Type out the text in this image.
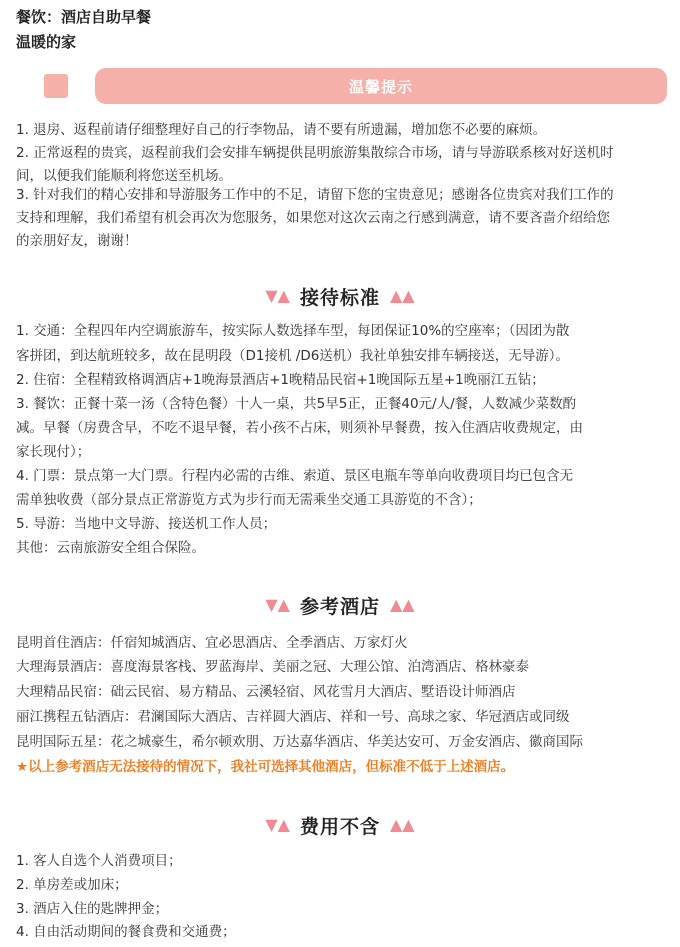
餐饮：酒店自助早餐
温暖的家
温馨提示
1. 退房、返程前请仔细整理好自己的行李物品，请不要有所遗漏，增加您不必要的麻烦。
2. 正常返程的贵宾，返程前我们会安排车辆提供昆明旅游集散综合市场，请与导游联系核对好送机时
间，以便我们能顺利将您送至机场。
3. 针对我们的精心安排和导游服务工作中的不足，请留下您的宝贵意见；感谢各位贵宾对我们工作的
支持和理解，我们希望有机会再次为您服务，如果您对这次云南之行感到满意，请不要吝啬介绍给您
的亲朋好友，谢谢！
▼▲ 接待标准 ▲▲
1. 交通：全程四年内空调旅游车，按实际人数选择车型，每团保证10%的空座率；（因团为散
客拼团，到达航班较多，故在昆明段（D1接机 /D6送机）我社单独安排车辆接送，无导游）。
2. 住宿：全程精致格调酒店+1晚海景酒店+1晚精品民宿+1晚国际五星+1晚丽江五钻；
3. 餐饮：正餐十菜一汤（含特色餐）十人一桌，共5早5正，正餐40元/人/餐，人数减少菜数酌
减。早餐（房费含早，不吃不退早餐，若小孩不占床，则须补早餐费，按入住酒店收费规定，由
家长现付）；
4. 门票：景点第一大门票。行程内必需的古维、索道、景区电瓶车等单向收费项目均已包含无
需单独收费（部分景点正常游览方式为步行而无需乘坐交通工具游览的不含）；
5. 导游：当地中文导游、接送机工作人员；
其他：云南旅游安全组合保险。
▼▲ 参考酒店 ▲▲
昆明首住酒店：仟宿知城酒店、宜必思酒店、全季酒店、万家灯火
大理海景酒店：喜度海景客栈、罗蓝海岸、美丽之冠、大理公馆、泊湾酒店、格林豪泰
大理精品民宿：础云民宿、易方精品、云溪轻宿、风花雪月大酒店、墅语设计师酒店
丽江携程五钻酒店：君澜国际大酒店、吉祥圆大酒店、祥和一号、高球之家、华冠酒店或同级
昆明国际五星：花之城豪生，希尔顿欢朋、万达嘉华酒店、华美达安可、万金安酒店、徽商国际
★以上参考酒店无法接待的情况下，我社可选择其他酒店，但标准不低于上述酒店。
▼▲ 费用不含 ▲▲
1. 客人自选个人消费项目；
2. 单房差或加床；
3. 酒店入住的匙牌押金；
4. 自由活动期间的餐食费和交通费；
